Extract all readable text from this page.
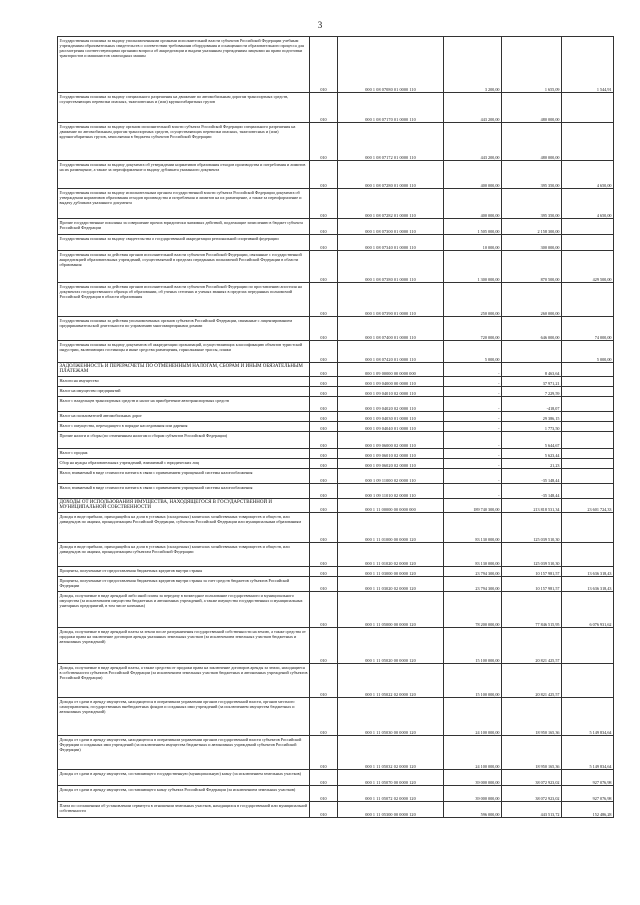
3
Государственная пошлина за выдачу уполномоченными органами исполнительной власти субъектов Российской Федерации учебным учреждениям образовательных свидетельств о соответствии требованиям оборудования и оснащенности образовательного процесса для рассмотрения соответствующими органами вопроса об аккредитации и выдачи указанным учреждениям лицензии на право подготовки трактористов и машинистов самоходных машин	010	000 1 08 07080 01 0000 110	3 200,00	1 655,09	1 544,91
Государственная пошлина за выдачу специального разрешения на движение по автомобильным дорогам транспортных средств, осуществляющих перевозки опасных, тяжеловесных и (или) крупногабаритных грузов	010	000 1 08 07170 01 0000 110	443 200,00	480 000,00	
Государственная пошлина за выдачу органом исполнительной власти субъекта Российской Федерации специального разрешения на движение по автомобильным дорогам транспортных средств, осуществляющих перевозки опасных, тяжеловесных и (или) крупногабаритных грузов, зачисляемая в бюджеты субъектов Российской Федерации	010	000 1 08 07172 01 0000 110	443 200,00	480 000,00	
Государственная пошлина за выдачу документа об утверждении нормативов образования отходов производства и потребления и лимитов на их размещение, а также за переоформление и выдачу дубликата указанного документа	010	000 1 08 07280 01 0000 110	400 000,00	395 350,00	4 650,00
Государственная пошлина за выдачу исполнительным органом государственной власти субъекта Российской Федерации документа об утверждении нормативов образования отходов производства и потребления и лимитов на их размещение, а также за переоформление и выдачу дубликата указанного документа	010	000 1 08 07282 01 0000 110	400 000,00	395 350,00	4 650,00
Прочие государственные пошлины за совершение прочих юридически значимых действий, подлежащие зачислению в бюджет субъекта Российской Федерации	010	000 1 08 07300 01 0000 110	1 505 000,00	2 158 300,00	
Государственная пошлина за выдачу свидетельства о государственной аккредитации региональной спортивной федерации	010	000 1 08 07340 01 0000 110	10 000,00	300 000,00	
Государственная пошлина за действия органов исполнительной власти субъектов Российской Федерации, связанные с государственной аккредитацией образовательных учреждений, осуществляемой в пределах переданных полномочий Российской Федерации в области образования	010	000 1 08 07380 01 0000 110	1 300 000,00	870 500,00	429 500,00
Государственная пошлина за действия органов исполнительной власти субъектов Российской Федерации по проставлению апостиля на документах государственного образца об образовании, об ученых степенях и ученых званиях в пределах переданных полномочий Российской Федерации в области образования	010	000 1 08 07390 01 0000 110	250 000,00	260 000,00	
Государственная пошлина за действия уполномоченных органов субъектов Российской Федерации, связанные с лицензированием предпринимательской деятельности по управлению многоквартирными домами	010	000 1 08 07400 01 0000 110	720 000,00	646 000,00	74 000,00
Государственная пошлина за выдачу документов об аккредитации организаций, осуществляющих классификацию объектов туристской индустрии, включающих гостиницы и иные средства размещения, горнолыжные трассы, пляжи	010	000 1 08 07420 01 0000 110	5 000,00		5 000,00
ЗАДОЛЖЕННОСТЬ И ПЕРЕРАСЧЕТЫ ПО ОТМЕНЕННЫМ НАЛОГАМ, СБОРАМ И ИНЫМ ОБЯЗАТЕЛЬНЫМ ПЛАТЕЖАМ	010	000 1 09 00000 00 0000 000	-	8 463,64	
Налоги на имущество	010	000 1 09 04000 00 0000 110	-	37 971,21	
Налог на имущество предприятий	010	000 1 09 04010 02 0000 110	-	7 229,59	
Налог с владельцев транспортных средств и налог на приобретение автотранспортных средств	010	000 1 09 04020 02 0000 110	-	-418,07	
Налог на пользователей автомобильных дорог	010	000 1 09 04030 01 0000 110	-	29 386,15	
Налог с имущества, переходящего в порядке наследования или дарения	010	000 1 09 04040 01 0000 110	-	1 773,50	
Прочие налоги и сборы (по отмененным налогам и сборам субъектов Российской Федерации)	010	000 1 09 06000 02 0000 110	-	5 644,67	
Налог с продаж	010	000 1 09 06010 02 0000 110	-	5 623,44	
Сбор на нужды образовательных учреждений, взимаемый с юридических лиц	010	000 1 09 06020 02 0000 110	-	21,23	
Налог, взимаемый в виде стоимости патента в связи с применением упрощенной системы налогообложения	010	000 1 09 11000 02 0000 110	-	-35 148,44	
Налог, взимаемый в виде стоимости патента в связи с применением упрощенной системы налогообложения	010	000 1 09 11010 02 0000 110	-	-35 148,44	
ДОХОДЫ ОТ ИСПОЛЬЗОВАНИЯ ИМУЩЕСТВА, НАХОДЯЩЕГОСЯ В ГОСУДАРСТВЕННОЙ И МУНИЦИПАЛЬНОЙ СОБСТВЕННОСТИ	010	000 1 11 00000 00 0000 000	189 740 300,00	213 818 531,34	23 601 724,33
Доходы в виде прибыли, приходящейся на доли в уставных (складочных) капиталах хозяйственных товариществ и обществ, или дивидендов по акциям, принадлежащим Российской Федерации, субъектам Российской Федерации или муниципальным образованиям	010	000 1 11 01000 00 0000 120	83 130 000,00	125 039 510,30	
Доходы в виде прибыли, приходящейся на доли в уставных (складочных) капиталах хозяйственных товариществ и обществ, или дивидендов по акциям, принадлежащим субъектам Российской Федерации	010	000 1 11 01020 02 0000 120	83 130 000,00	125 039 510,30	
Проценты, полученные от предоставления бюджетных кредитов внутри страны	010	000 1 11 03000 00 0000 120	23 794 300,00	10 157 981,57	13 636 318,43
Проценты, полученные от предоставления бюджетных кредитов внутри страны за счет средств бюджетов субъектов Российской Федерации	010	000 1 11 03020 02 0000 120	23 794 300,00	10 157 981,57	13 636 318,43
Доходы, получаемые в виде арендной либо иной платы за передачу в возмездное пользование государственного и муниципального имущества (за исключением имущества бюджетных и автономных учреждений, а также имущества государственных и муниципальных унитарных предприятий, в том числе казенных)	010	000 1 11 05000 00 0000 120	78 200 000,00	77 846 515,95	6 076 931,62
Доходы, получаемые в виде арендной платы за земли после разграничения государственной собственности на землю, а также средства от продажи права на заключение договоров аренды указанных земельных участков (за исключением земельных участков бюджетных и автономных учреждений)	010	000 1 11 05020 00 0000 120	15 100 000,00	20 821 425,57	
Доходы, получаемые в виде арендной платы, а также средства от продажи права на заключение договоров аренды за земли, находящиеся в собственности субъектов Российской Федерации (за исключением земельных участков бюджетных и автономных учреждений субъектов Российской Федерации)	010	000 1 11 05022 02 0000 120	15 100 000,00	20 821 425,57	
Доходы от сдачи в аренду имущества, находящегося в оперативном управлении органов государственной власти, органов местного самоуправления, государственных внебюджетных фондов и созданных ими учреждений (за исключением имущества бюджетных и автономных учреждений)	010	000 1 11 05030 00 0000 120	24 100 000,00	18 950 165,36	5 149 834,64
Доходы от сдачи в аренду имущества, находящегося в оперативном управлении органов государственной власти субъектов Российской Федерации и созданных ими учреждений (за исключением имущества бюджетных и автономных учреждений субъектов Российской Федерации)	010	000 1 11 05032 02 0000 120	24 100 000,00	18 950 165,36	5 149 834,64
Доходы от сдачи в аренду имущества, составляющего государственную (муниципальную) казну (за исключением земельных участков)	010	000 1 11 05070 00 0000 120	39 000 000,00	38 072 923,02	927 076,98
Доходы от сдачи в аренду имущества, составляющего казну субъекта Российской Федерации (за исключением земельных участков)	010	000 1 11 05072 02 0000 120	39 000 000,00	38 072 923,02	927 076,98
Плата по соглашениям об установлении сервитута в отношении земельных участков, находящихся в государственной или муниципальной собственности	010	000 1 11 05300 00 0000 120	596 000,00	443 513,72	152 486,28
